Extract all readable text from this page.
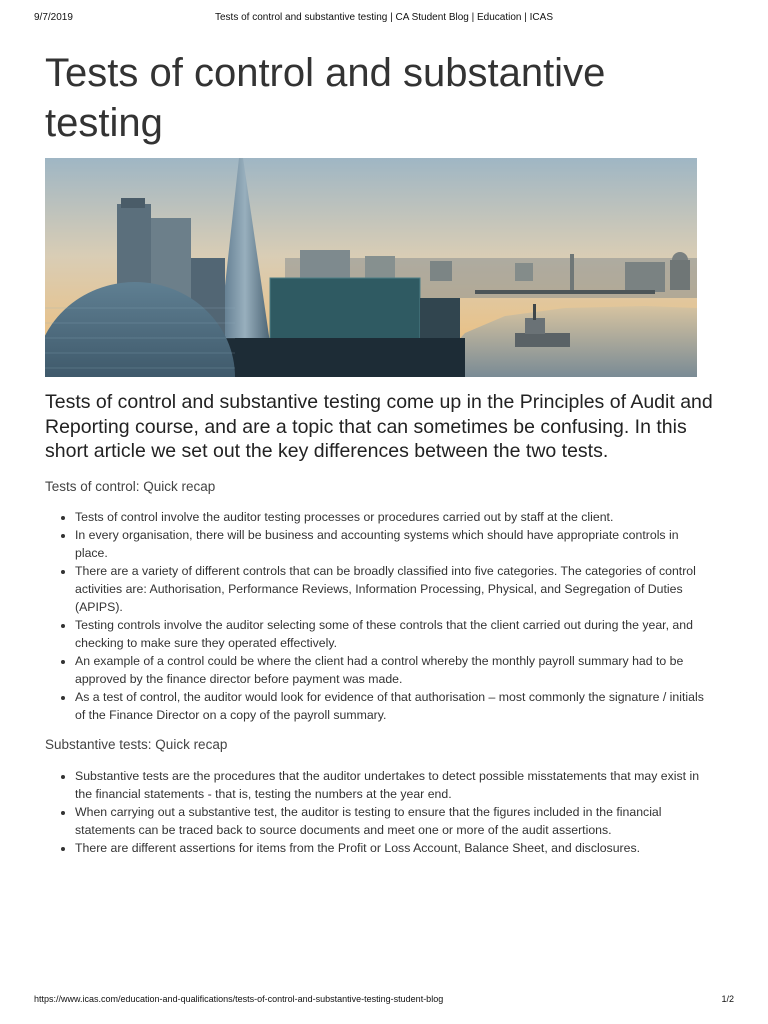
9/7/2019	Tests of control and substantive testing | CA Student Blog | Education | ICAS
Tests of control and substantive testing

Tests of control and substantive testing come up in the Principles of Audit and Reporting course, and are a topic that can sometimes be confusing. In this short article we set out the key differences between the two tests.

Tests of control: Quick recap

• Tests of control involve the auditor testing processes or procedures carried out by staff at the client.
• In every organisation, there will be business and accounting systems which should have appropriate controls in place.
• There are a variety of different controls that can be broadly classified into five categories. The categories of control activities are: Authorisation, Performance Reviews, Information Processing, Physical, and Segregation of Duties (APIPS).
• Testing controls involve the auditor selecting some of these controls that the client carried out during the year, and checking to make sure they operated effectively.
• An example of a control could be where the client had a control whereby the monthly payroll summary had to be approved by the finance director before payment was made.
• As a test of control, the auditor would look for evidence of that authorisation – most commonly the signature / initials of the Finance Director on a copy of the payroll summary.

Substantive tests: Quick recap

• Substantive tests are the procedures that the auditor undertakes to detect possible misstatements that may exist in the financial statements - that is, testing the numbers at the year end.
• When carrying out a substantive test, the auditor is testing to ensure that the figures included in the financial statements can be traced back to source documents and meet one or more of the audit assertions.
• There are different assertions for items from the Profit or Loss Account, Balance Sheet, and disclosures.
https://www.icas.com/education-and-qualifications/tests-of-control-and-substantive-testing-student-blog	1/2
